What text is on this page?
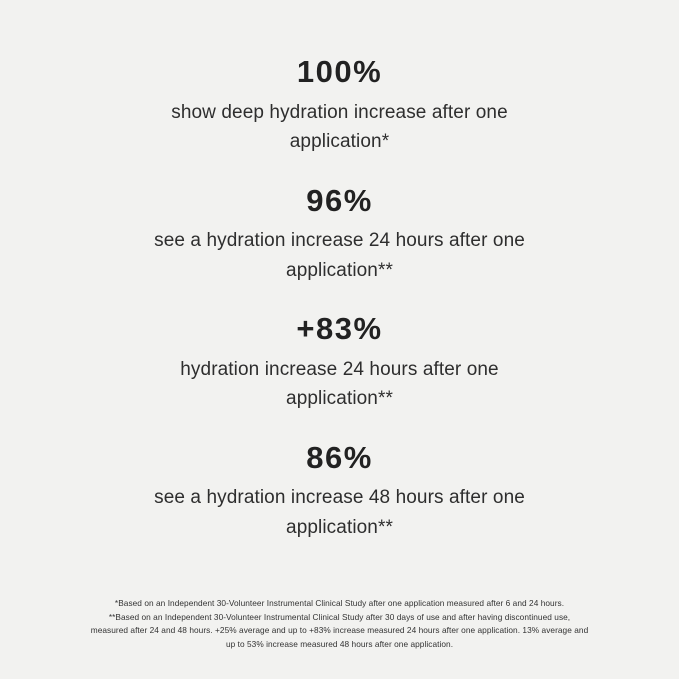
100%
show deep hydration increase after one application*
96%
see a hydration increase 24 hours after one application**
+83%
hydration increase 24 hours after one application**
86%
see a hydration increase 48 hours after one application**
*Based on an Independent 30-Volunteer Instrumental Clinical Study after one application measured after 6 and 24 hours.
**Based on an Independent 30-Volunteer Instrumental Clinical Study after 30 days of use and after having discontinued use, measured after 24 and 48 hours. +25% average and up to +83% increase measured 24 hours after one application. 13% average and up to 53% increase measured 48 hours after one application.
